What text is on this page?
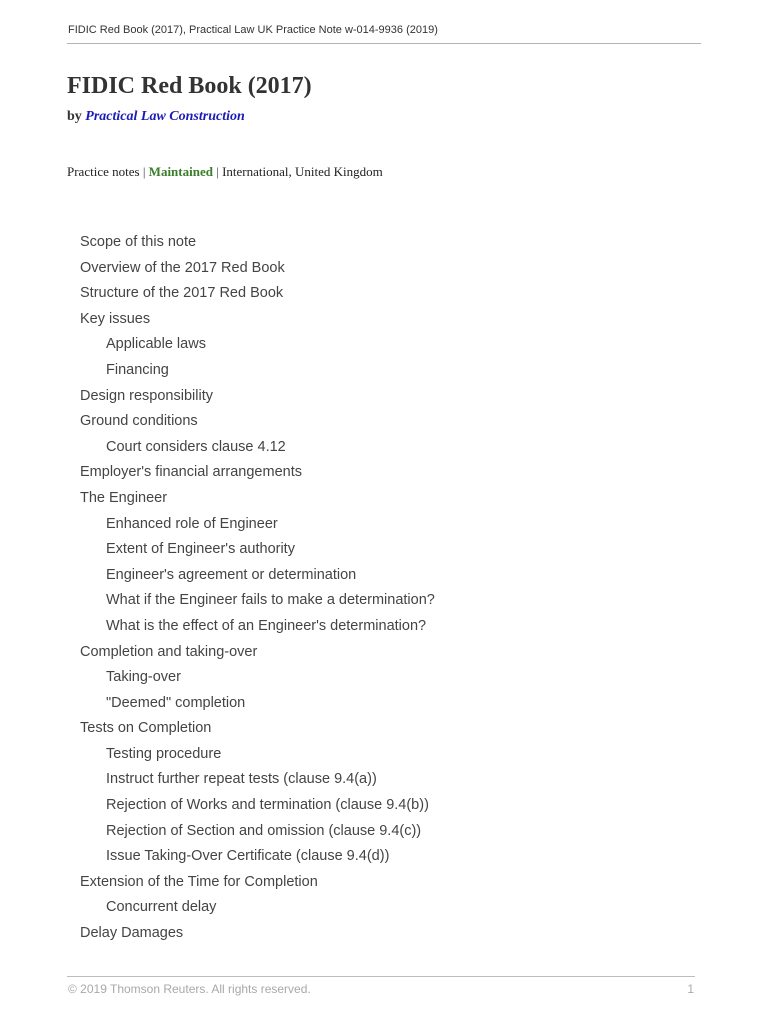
FIDIC Red Book (2017), Practical Law UK Practice Note w-014-9936 (2019)
FIDIC Red Book (2017)
by Practical Law Construction
Practice notes | Maintained | International, United Kingdom
Scope of this note
Overview of the 2017 Red Book
Structure of the 2017 Red Book
Key issues
Applicable laws
Financing
Design responsibility
Ground conditions
Court considers clause 4.12
Employer's financial arrangements
The Engineer
Enhanced role of Engineer
Extent of Engineer's authority
Engineer's agreement or determination
What if the Engineer fails to make a determination?
What is the effect of an Engineer's determination?
Completion and taking-over
Taking-over
"Deemed" completion
Tests on Completion
Testing procedure
Instruct further repeat tests (clause 9.4(a))
Rejection of Works and termination (clause 9.4(b))
Rejection of Section and omission (clause 9.4(c))
Issue Taking-Over Certificate (clause 9.4(d))
Extension of the Time for Completion
Concurrent delay
Delay Damages
© 2019 Thomson Reuters. All rights reserved.	1
